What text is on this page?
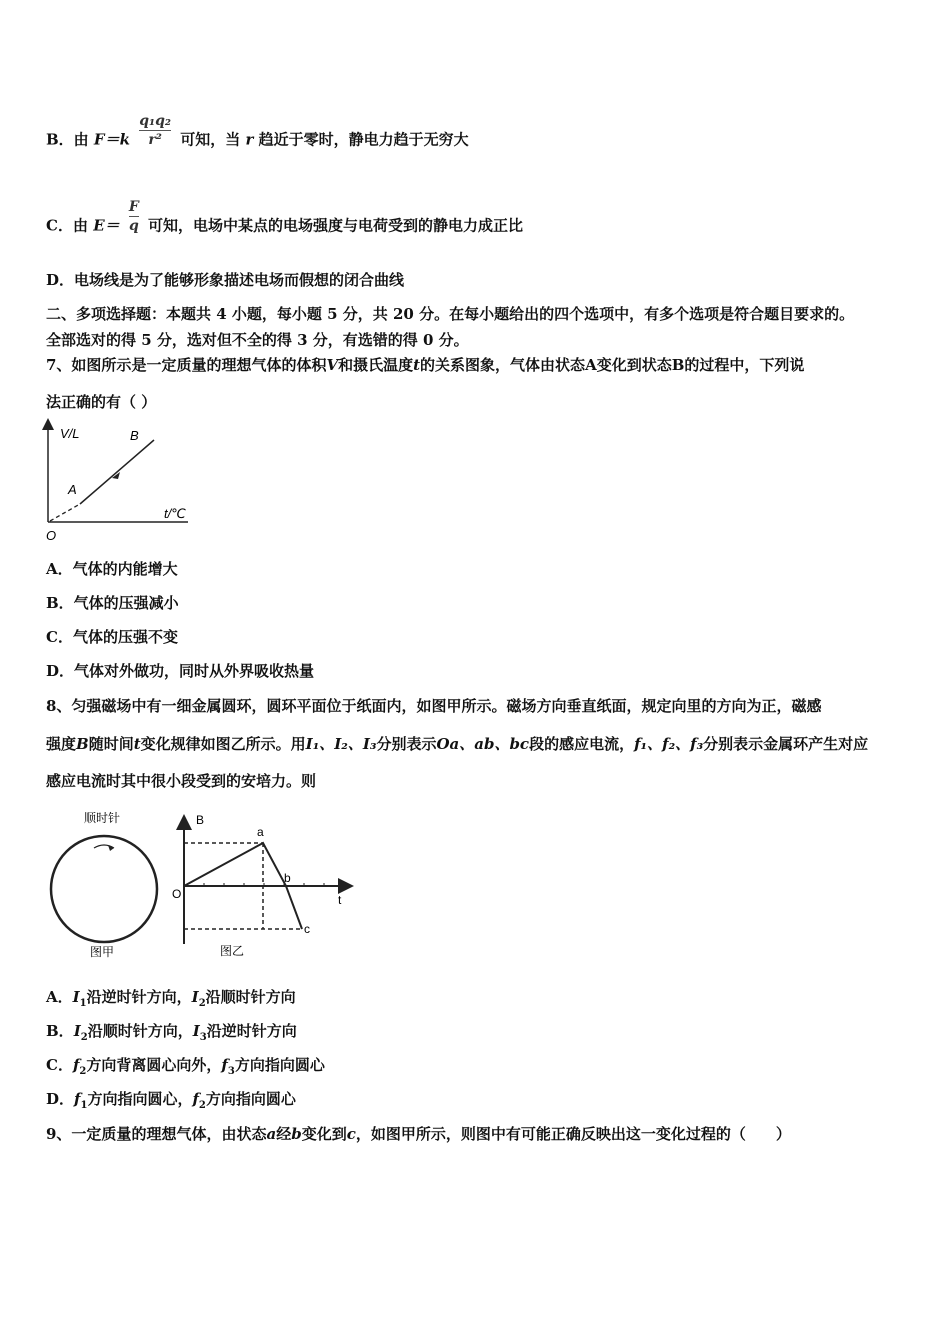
B．由 $F=k \frac{\text{q₁q₂}}{\text{r²}}$ 可知，当 r 趋近于零时，静电力趋于无穷大
C．由 $E= \frac{F}{q}$ 可知，电场中某点的电场强度与电荷受到的静电力成正比
D．电场线是为了能够形象描述电场而假想的闭合曲线
二、多项选择题：本题共 4 小题，每小题 5 分，共 20 分。在每小题给出的四个选项中，有多个选项是符合题目要求的。
全部选对的得 5 分，选对但不全的得 3 分，有选错的得 0 分。
7、如图所示是一定质量的理想气体的体积V和摄氏温度t的关系图象，气体由状态A变化到状态B的过程中，下列说
法正确的有（ ）
V/L
t/℃
O
A
B
A．气体的内能增大
B．气体的压强减小
C．气体的压强不变
D．气体对外做功，同时从外界吸收热量
8、匀强磁场中有一细金属圆环，圆环平面位于纸面内，如图甲所示。磁场方向垂直纸面，规定向里的方向为正，磁感
强度B随时间t变化规律如图乙所示。用I₁、I₂、I₃分别表示Oa、ab、bc段的感应电流，f₁、f₂、f₃分别表示金属环产生对应
感应电流时其中很小段受到的安培力。则
顺时针
图甲
B
t
O
a
b
c
图乙
A．$I_1$沿逆时针方向，$I_2$沿顺时针方向
B．$I_2$沿顺时针方向，$I_3$沿逆时针方向
C．$f_2$方向背离圆心向外，$f_3$方向指向圆心
D．$f_1$方向指向圆心，$f_2$方向指向圆心
9、一定质量的理想气体，由状态a经b变化到c，如图甲所示，则图中有可能正确反映出这一变化过程的（　　）
